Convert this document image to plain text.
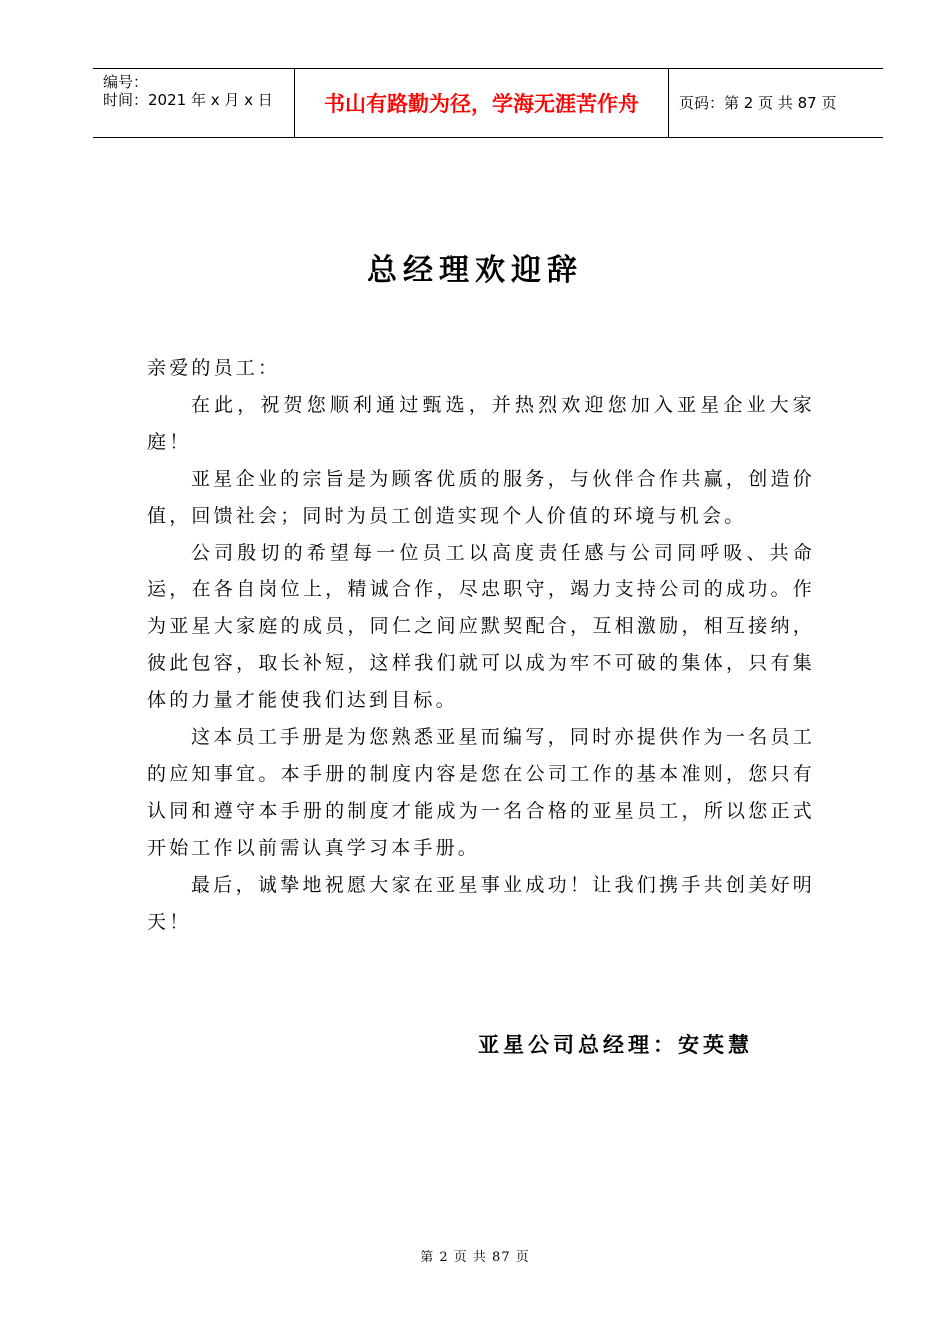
编号：
时间：2021 年 x 月 x 日	书山有路勤为径，学海无涯苦作舟	页码：第 2 页 共 87 页
总经理欢迎辞

亲爱的员工：

在此，祝贺您顺利通过甄选，并热烈欢迎您加入亚星企业大家庭！

亚星企业的宗旨是为顾客优质的服务，与伙伴合作共赢，创造价值，回馈社会；同时为员工创造实现个人价值的环境与机会。

公司殷切的希望每一位员工以高度责任感与公司同呼吸、共命运，在各自岗位上，精诚合作，尽忠职守，竭力支持公司的成功。作为亚星大家庭的成员，同仁之间应默契配合，互相激励，相互接纳，彼此包容，取长补短，这样我们就可以成为牢不可破的集体，只有集体的力量才能使我们达到目标。

这本员工手册是为您熟悉亚星而编写，同时亦提供作为一名员工的应知事宜。本手册的制度内容是您在公司工作的基本准则，您只有认同和遵守本手册的制度才能成为一名合格的亚星员工，所以您正式开始工作以前需认真学习本手册。

最后，诚挚地祝愿大家在亚星事业成功！让我们携手共创美好明天！

亚星公司总经理：安英慧
第 2 页 共 87 页
